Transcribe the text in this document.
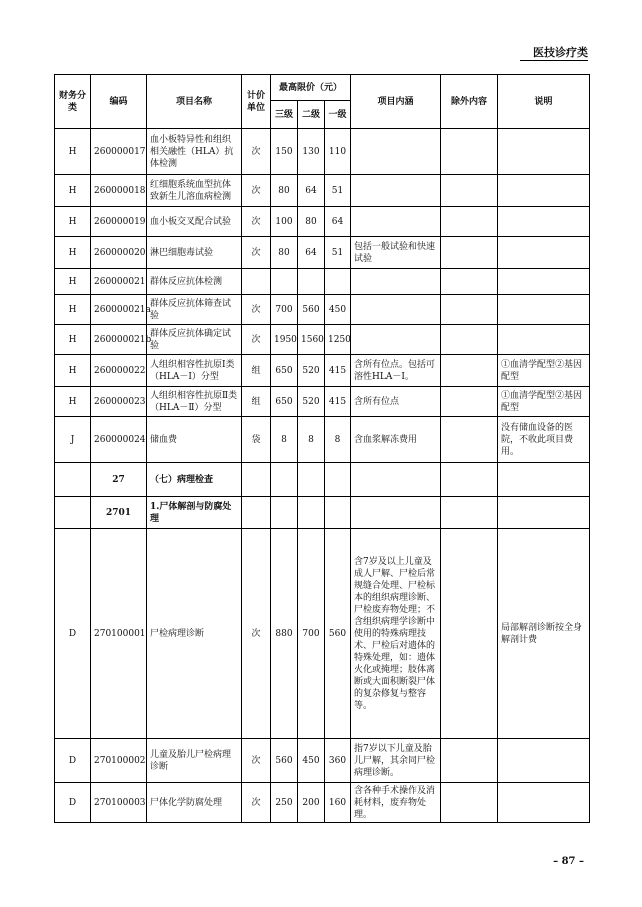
医技诊疗类
财务分类	编码	项目名称	计价单位	最高限价（元）			项目内涵	除外内容	说明
				三级	二级	一级			
H	260000017	血小板特异性和组织相关融性（HLA）抗体检测	次	150	130	110			
H	260000018	红细胞系统血型抗体致新生儿溶血病检测	次	80	64	51			
H	260000019	血小板交叉配合试验	次	100	80	64			
H	260000020	淋巴细胞毒试验	次	80	64	51	包括一般试验和快速试验		
H	260000021	群体反应抗体检测							
H	260000021a	群体反应抗体筛查试验	次	700	560	450			
H	260000021b	群体反应抗体确定试验	次	1950	1560	1250			
H	260000022	人组织相容性抗原Ⅰ类（HLA－Ⅰ）分型	组	650	520	415	含所有位点。包括可溶性HLA－Ⅰ。		①血清学配型②基因配型
H	260000023	人组织相容性抗原Ⅱ类（HLA－Ⅱ）分型	组	650	520	415	含所有位点		①血清学配型②基因配型
J	260000024	储血费	袋	8	8	8	含血浆解冻费用		没有储血设备的医院，不收此项目费用。
	27	（七）病理检查							
	2701	1.尸体解剖与防腐处理							
D	270100001	尸检病理诊断	次	880	700	560	含7岁及以上儿童及成人尸解、尸检后常规缝合处理、尸检标本的组织病理诊断、尸检废弃物处理；不含组织病理学诊断中使用的特殊病理技术、尸检后对遗体的特殊处理，如：遗体火化或掩埋；肢体离断或大面积断裂尸体的复杂修复与整容等。		局部解剖诊断按全身解剖计费
D	270100002	儿童及胎儿尸检病理诊断	次	560	450	360	指7岁以下儿童及胎儿尸解，其余同尸检病理诊断。		
D	270100003	尸体化学防腐处理	次	250	200	160	含各种手术操作及消耗材料，废弃物处理。		
– 87 –
